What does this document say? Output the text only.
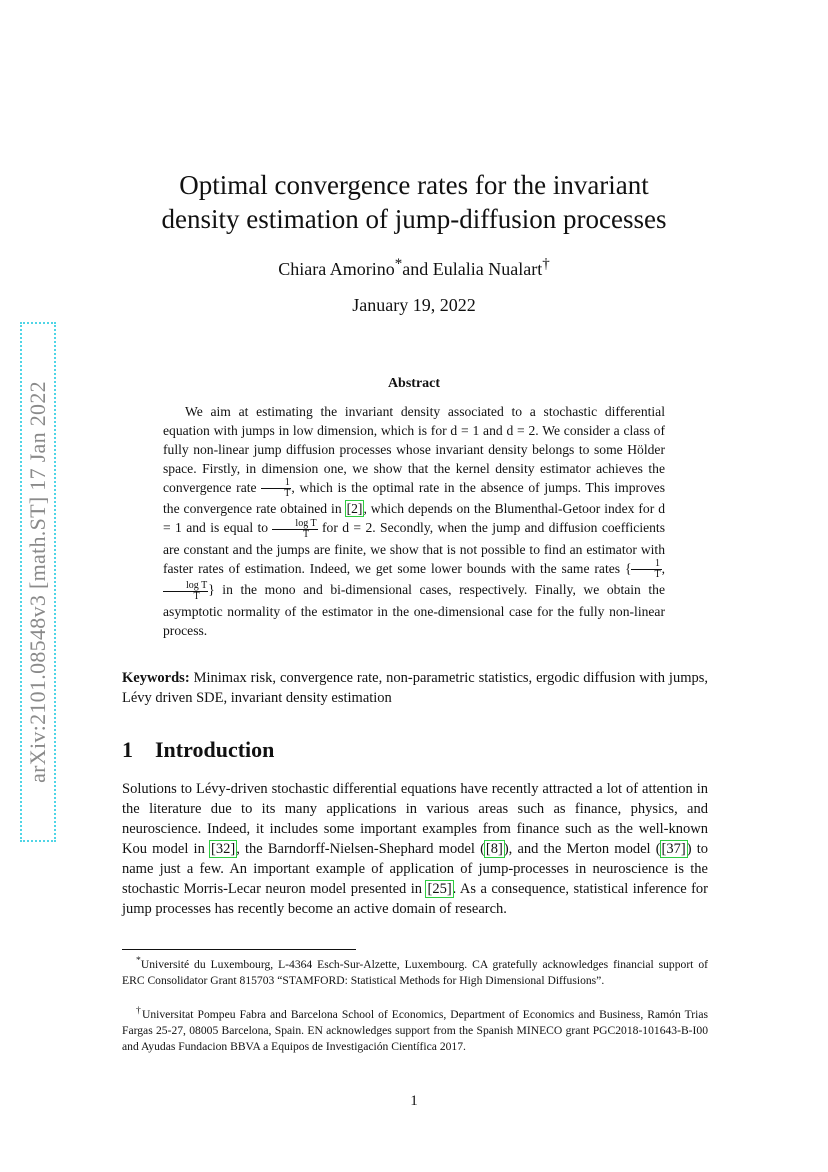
arXiv:2101.08548v3 [math.ST] 17 Jan 2022
Optimal convergence rates for the invariant
density estimation of jump-diffusion processes
Chiara Amorino*and Eulalia Nualart†
January 19, 2022
Abstract
We aim at estimating the invariant density associated to a stochastic differential equation with jumps in low dimension, which is for d = 1 and d = 2. We consider a class of fully non-linear jump diffusion processes whose invariant density belongs to some Hölder space. Firstly, in dimension one, we show that the kernel density estimator achieves the convergence rate $\frac{1}{T}$ , which is the optimal rate in the absence of jumps. This improves the convergence rate obtained in [2], which depends on the Blumenthal-Getoor index for d = 1 and is equal to $\frac{\text{log T}}{T}$ for d = 2. Secondly, when the jump and diffusion coefficients are constant and the jumps are finite, we show that is not possible to find an estimator with faster rates of estimation. Indeed, we get some lower bounds with the same rates { $\frac{1}{T}$ ,
$\frac{\text{log T}}{T}$ } in the mono and bi-dimensional cases, respectively. Finally, we obtain the asymptotic normality of the estimator in the one-dimensional case for the fully non-linear process.
Keywords: Minimax risk, convergence rate, non-parametric statistics, ergodic diffusion with jumps, Lévy driven SDE, invariant density estimation
1 Introduction
Solutions to Lévy-driven stochastic differential equations have recently attracted a lot of attention in the literature due to its many applications in various areas such as finance, physics, and neuroscience. Indeed, it includes some important examples from finance such as the well-known Kou model in [32], the Barndorff-Nielsen-Shephard model ([8]), and the Merton model ([37]) to name just a few. An important example of application of jump-processes in neuroscience is the stochastic Morris-Lecar neuron model presented in [25]. As a consequence, statistical inference for jump processes has recently become an active domain of research.
*Université du Luxembourg, L-4364 Esch-Sur-Alzette, Luxembourg. CA gratefully acknowledges financial support of ERC Consolidator Grant 815703 “STAMFORD: Statistical Methods for High Dimensional Diffusions”.
†Universitat Pompeu Fabra and Barcelona School of Economics, Department of Economics and Business, Ramón Trias Fargas 25-27, 08005 Barcelona, Spain. EN acknowledges support from the Spanish MINECO grant PGC2018-101643-B-I00 and Ayudas Fundacion BBVA a Equipos de Investigación Científica 2017.
1
